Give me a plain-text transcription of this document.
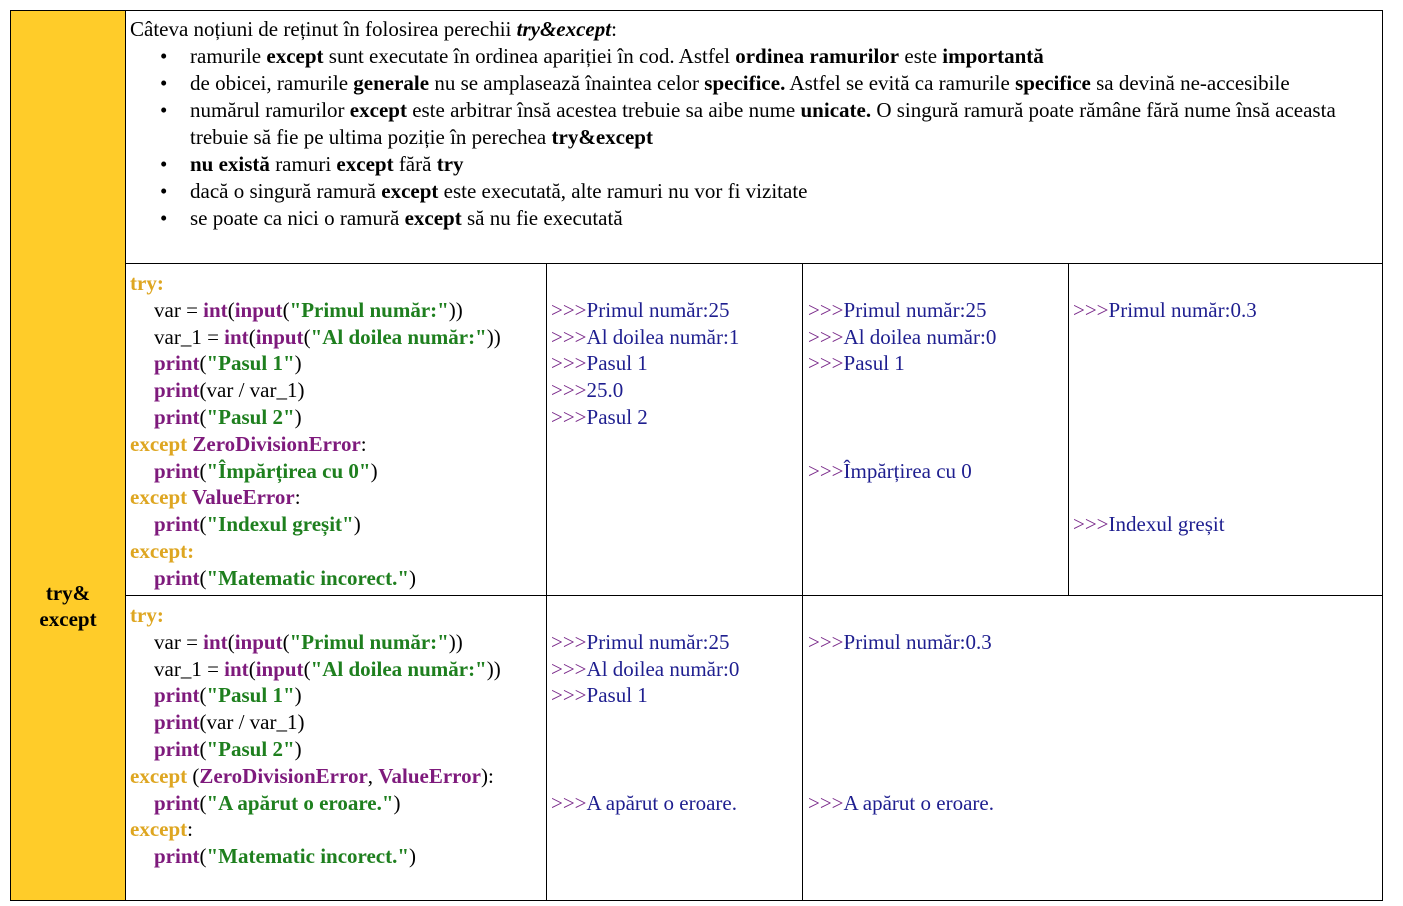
try&
except
Câteva noțiuni de reținut în folosirea perechii try&except:
• ramurile except sunt executate în ordinea apariției în cod. Astfel ordinea ramurilor este importantă
• de obicei, ramurile generale nu se amplasează înaintea celor specifice. Astfel se evită ca ramurile specifice sa devină ne-accesibile
• numărul ramurilor except este arbitrar însă acestea trebuie sa aibe nume unicate. O singură ramură poate rămâne fără nume însă aceasta trebuie să fie pe ultima poziție în perechea try&except
• nu există ramuri except fără try
• dacă o singură ramură except este executată, alte ramuri nu vor fi vizitate
• se poate ca nici o ramură except să nu fie executată
try:
var = int(input("Primul număr:"))
var_1 = int(input("Al doilea număr:"))
print("Pasul 1")
print(var / var_1)
print("Pasul 2")
except ZeroDivisionError:
print("Împărțirea cu 0")
except ValueError:
print("Indexul greșit")
except:
print("Matematic incorect.")
>>>Primul număr:25
>>>Al doilea număr:1
>>>Pasul 1
>>>25.0
>>>Pasul 2
>>>Primul număr:25
>>>Al doilea număr:0
>>>Pasul 1
>>>Împărțirea cu 0
>>>Primul număr:0.3
>>>Indexul greșit
try:
var = int(input("Primul număr:"))
var_1 = int(input("Al doilea număr:"))
print("Pasul 1")
print(var / var_1)
print("Pasul 2")
except (ZeroDivisionError, ValueError):
print("A apărut o eroare.")
except:
print("Matematic incorect.")
>>>Primul număr:25
>>>Al doilea număr:0
>>>Pasul 1
>>>A apărut o eroare.
>>>Primul număr:0.3
>>>A apărut o eroare.
